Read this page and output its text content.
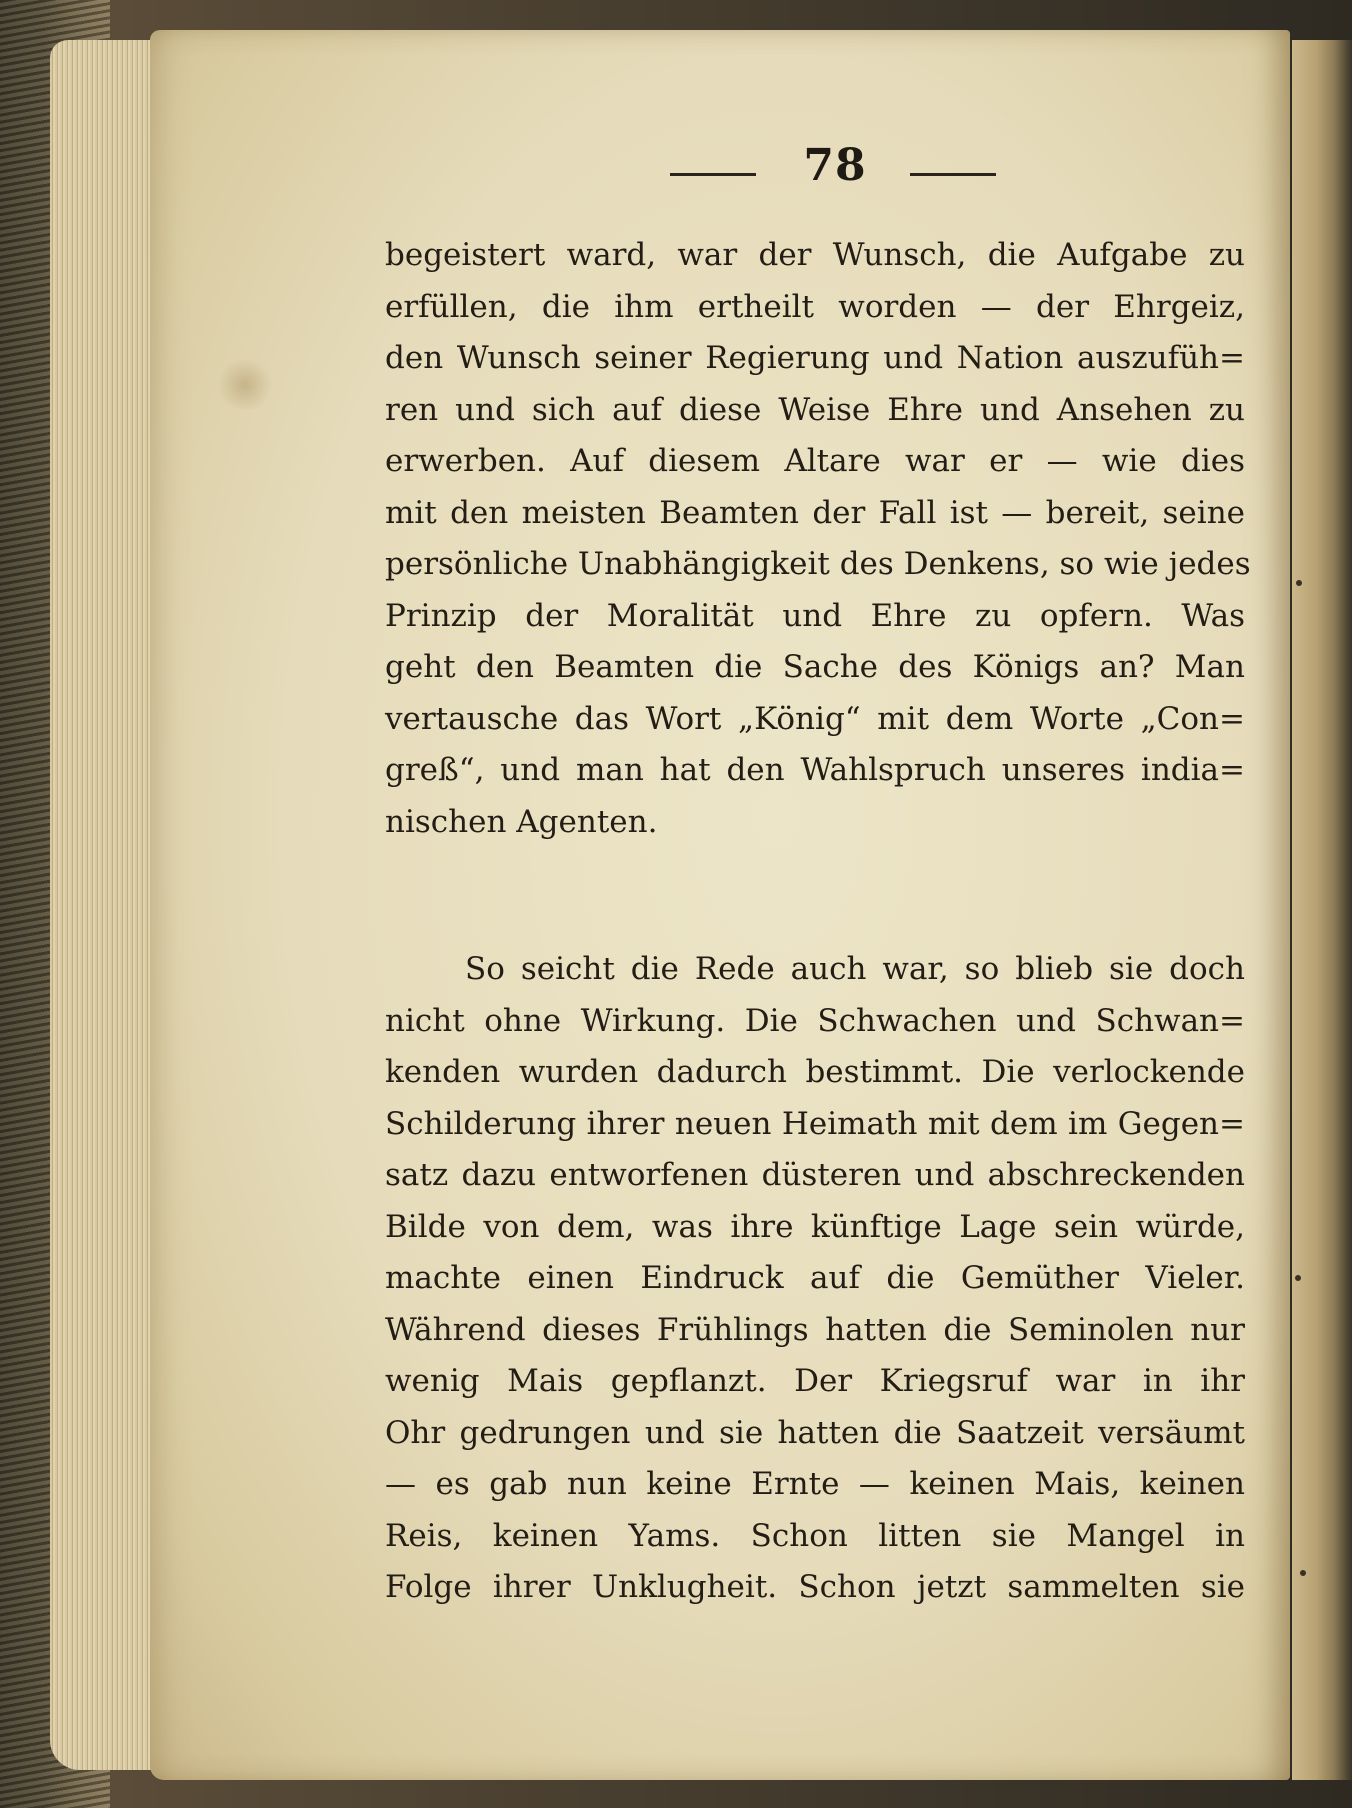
78
begeistert ward, war der Wunsch, die Aufgabe zu
erfüllen, die ihm ertheilt worden — der Ehrgeiz,
den Wunsch seiner Regierung und Nation auszufüh=
ren und sich auf diese Weise Ehre und Ansehen zu
erwerben. Auf diesem Altare war er — wie dies
mit den meisten Beamten der Fall ist — bereit, seine
persönliche Unabhängigkeit des Denkens, so wie jedes
Prinzip der Moralität und Ehre zu opfern. Was
geht den Beamten die Sache des Königs an? Man
vertausche das Wort „König“ mit dem Worte „Con=
greß“, und man hat den Wahlspruch unseres india=
nischen Agenten.
So seicht die Rede auch war, so blieb sie doch
nicht ohne Wirkung. Die Schwachen und Schwan=
kenden wurden dadurch bestimmt. Die verlockende
Schilderung ihrer neuen Heimath mit dem im Gegen=
satz dazu entworfenen düsteren und abschreckenden
Bilde von dem, was ihre künftige Lage sein würde,
machte einen Eindruck auf die Gemüther Vieler.
Während dieses Frühlings hatten die Seminolen nur
wenig Mais gepflanzt. Der Kriegsruf war in ihr
Ohr gedrungen und sie hatten die Saatzeit versäumt
— es gab nun keine Ernte — keinen Mais, keinen
Reis, keinen Yams. Schon litten sie Mangel in
Folge ihrer Unklugheit. Schon jetzt sammelten sie
